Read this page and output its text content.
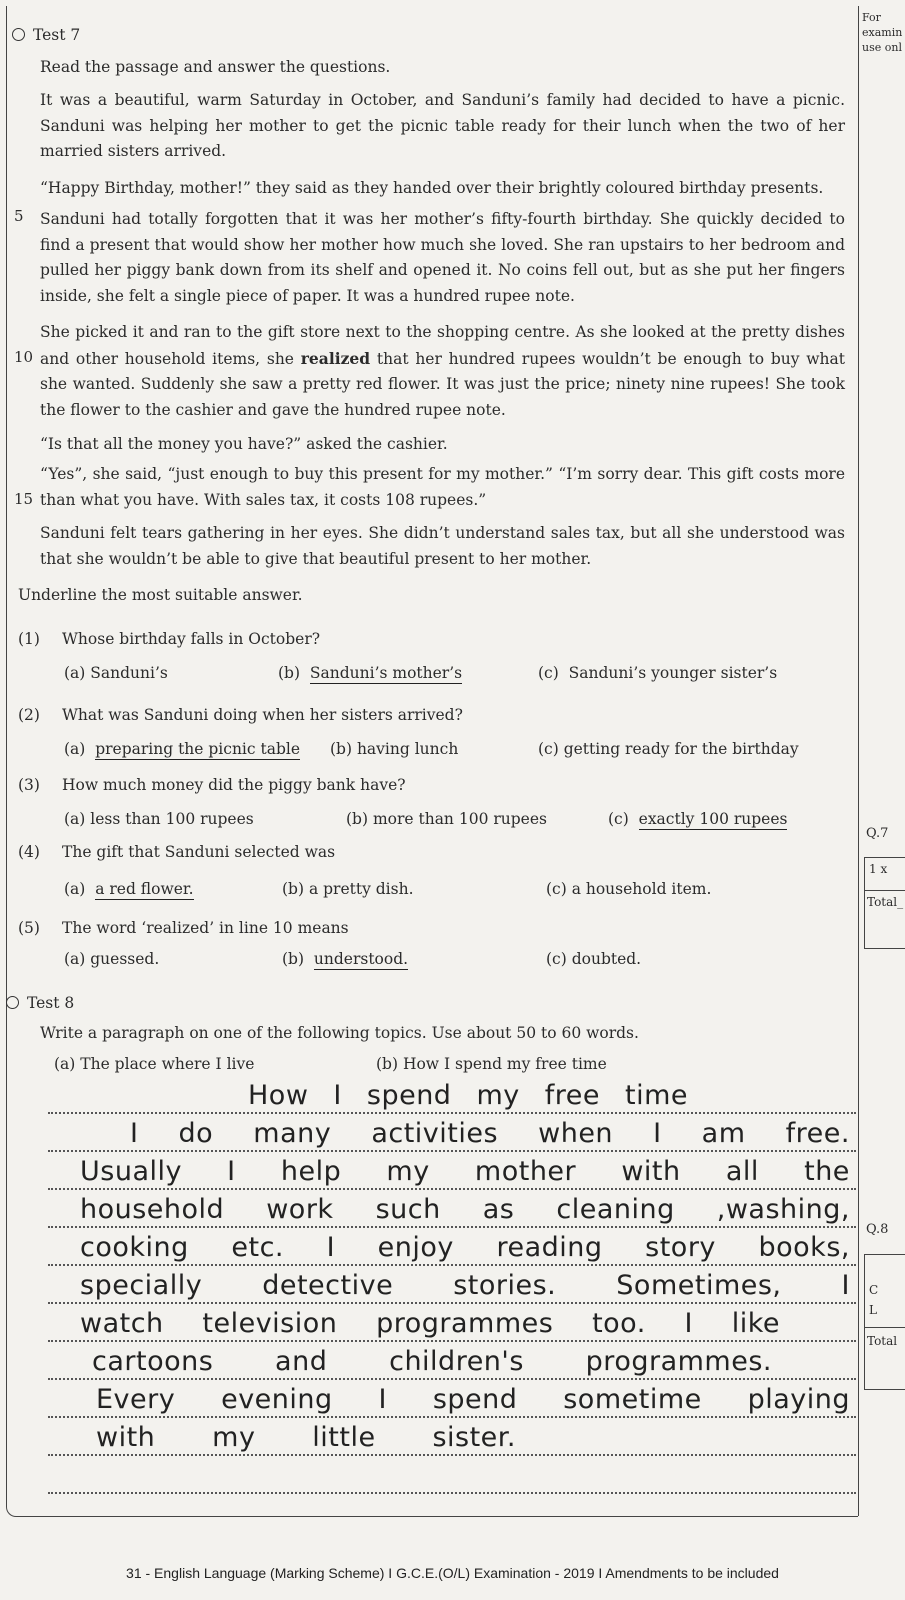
For
examin
use onl
Test 7
Read the passage and answer the questions.
It was a beautiful, warm Saturday in October, and Sanduni’s family had decided to have a picnic. Sanduni was helping her mother to get the picnic table ready for their lunch when the two of her married sisters arrived.
“Happy Birthday, mother!” they said as they handed over their brightly coloured birthday presents.
Sanduni had totally forgotten that it was her mother’s fifty-fourth birthday. She quickly decided to find a present that would show her mother how much she loved. She ran upstairs to her bedroom and pulled her piggy bank down from its shelf and opened it. No coins fell out, but as she put her fingers inside, she felt a single piece of paper. It was a hundred rupee note.
She picked it and ran to the gift store next to the shopping centre. As she looked at the pretty dishes and other household items, she realized that her hundred rupees wouldn’t be enough to buy what she wanted. Suddenly she saw a pretty red flower. It was just the price; ninety nine rupees! She took the flower to the cashier and gave the hundred rupee note.
“Is that all the money you have?” asked the cashier.
“Yes”, she said, “just enough to buy this present for my mother.” “I’m sorry dear. This gift costs more than what you have. With sales tax, it costs 108 rupees.”
Sanduni felt tears gathering in her eyes. She didn’t understand sales tax, but all she understood was that she wouldn’t be able to give that beautiful present to her mother.
5
10
15
Underline the most suitable answer.
(1) Whose birthday falls in October?
(a) Sanduni’s	(b) Sanduni’s mother’s	(c) Sanduni’s younger sister’s
(2) What was Sanduni doing when her sisters arrived?
(a) preparing the picnic table (b) having lunch	(c) getting ready for the birthday
(3) How much money did the piggy bank have?
(a) less than 100 rupees	(b) more than 100 rupees	(c) exactly 100 rupees
(4) The gift that Sanduni selected was
(a) a red flower.	(b) a pretty dish.	(c) a household item.
(5) The word ‘realized’ in line 10 means
(a) guessed.	(b) understood.	(c) doubted.
Q.7
1 x
Total_
Q.8
C
L
Total
Test 8
Write a paragraph on one of the following topics. Use about 50 to 60 words.
(a) The place where I live	(b) How I spend my free time
How I spend my free time
I do many activities when I am free.
Usually I help my mother with all the
household work such as cleaning ,washing,
cooking etc. I enjoy reading story books,
specially detective stories. Sometimes, I
watch television programmes too. I like
cartoons and children's programmes.
Every evening I spend sometime playing
with my little sister.
31 - English Language (Marking Scheme) I G.C.E.(O/L) Examination - 2019 I Amendments to be included
